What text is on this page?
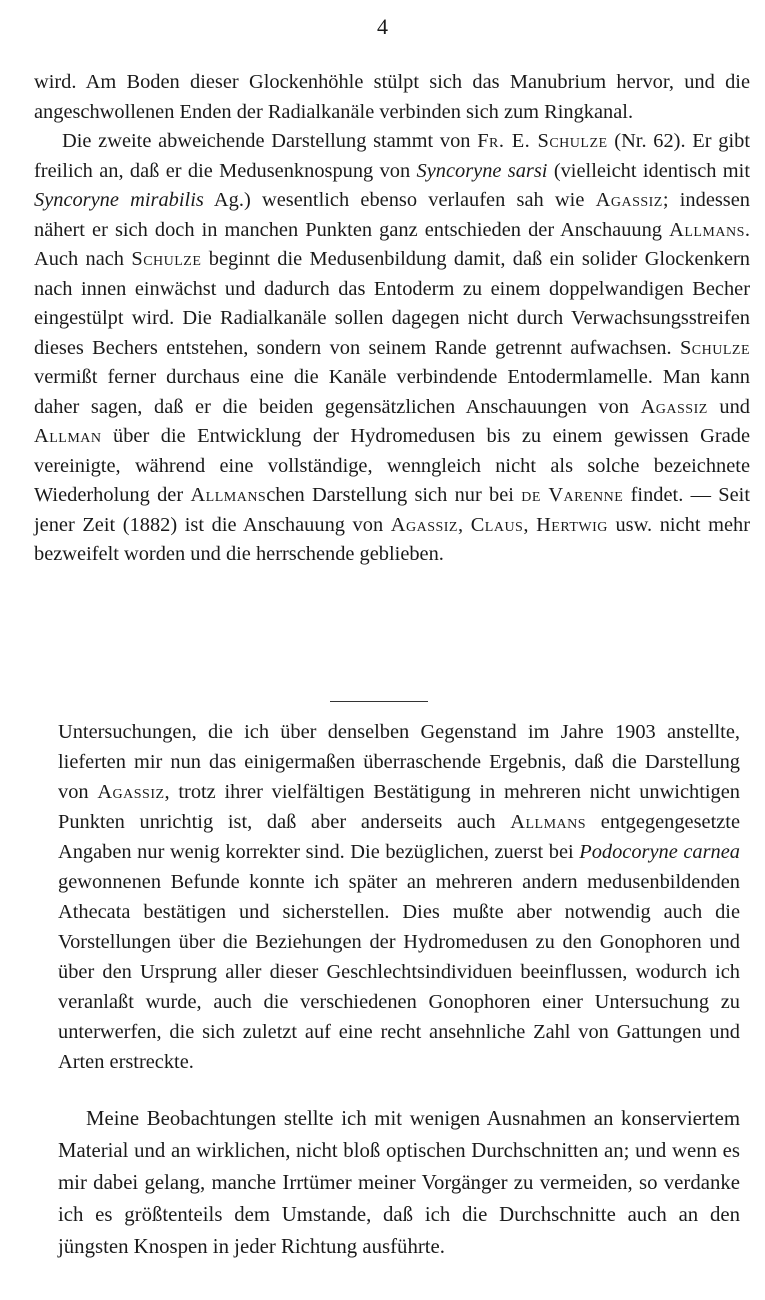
4

wird. Am Boden dieser Glockenhöhle stülpt sich das Manubrium hervor, und die angeschwollenen Enden der Radialkanäle verbinden sich zum Ringkanal.

Die zweite abweichende Darstellung stammt von Fr. E. Schulze (Nr. 62). Er gibt freilich an, daß er die Medusenknospung von Syncoryne sarsi (vielleicht identisch mit Syncoryne mirabilis Ag.) wesentlich ebenso verlaufen sah wie Agassiz; indessen nähert er sich doch in manchen Punkten ganz entschieden der Anschauung Allmans. Auch nach Schulze beginnt die Medusenbildung damit, daß ein solider Glockenkern nach innen einwächst und dadurch das Entoderm zu einem doppelwandigen Becher eingestülpt wird. Die Radialkanäle sollen dagegen nicht durch Verwachsungsstreifen dieses Bechers entstehen, sondern von seinem Rande getrennt aufwachsen. Schulze vermißt ferner durchaus eine die Kanäle verbindende Entodermlamelle. Man kann daher sagen, daß er die beiden gegensätzlichen Anschauungen von Agassiz und Allman über die Entwicklung der Hydromedusen bis zu einem gewissen Grade vereinigte, während eine vollständige, wenngleich nicht als solche bezeichnete Wiederholung der Allmanschen Darstellung sich nur bei de Varenne findet. — Seit jener Zeit (1882) ist die Anschauung von Agassiz, Claus, Hertwig usw. nicht mehr bezweifelt worden und die herrschende geblieben.

Untersuchungen, die ich über denselben Gegenstand im Jahre 1903 anstellte, lieferten mir nun das einigermaßen überraschende Ergebnis, daß die Darstellung von Agassiz, trotz ihrer vielfältigen Bestätigung in mehreren nicht unwichtigen Punkten unrichtig ist, daß aber anderseits auch Allmans entgegengesetzte Angaben nur wenig korrekter sind. Die bezüglichen, zuerst bei Podocoryne carnea gewonnenen Befunde konnte ich später an mehreren andern medusenbildenden Athecata bestätigen und sicherstellen. Dies mußte aber notwendig auch die Vorstellungen über die Beziehungen der Hydromedusen zu den Gonophoren und über den Ursprung aller dieser Geschlechtsindividuen beeinflussen, wodurch ich veranlaßt wurde, auch die verschiedenen Gonophoren einer Untersuchung zu unterwerfen, die sich zuletzt auf eine recht ansehnliche Zahl von Gattungen und Arten erstreckte.

Meine Beobachtungen stellte ich mit wenigen Ausnahmen an konserviertem Material und an wirklichen, nicht bloß optischen Durchschnitten an; und wenn es mir dabei gelang, manche Irrtümer meiner Vorgänger zu vermeiden, so verdanke ich es größtenteils dem Umstande, daß ich die Durchschnitte auch an den jüngsten Knospen in jeder Richtung ausführte.
